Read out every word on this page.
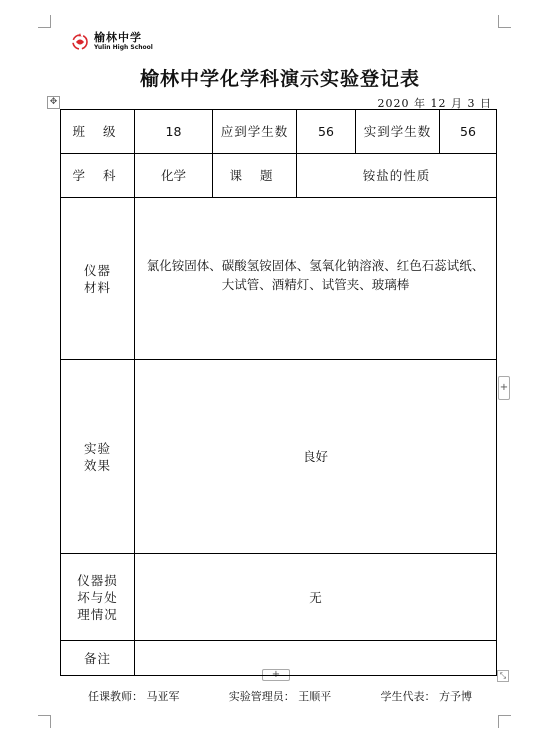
榆林中学
Yulin High School
榆林中学化学科演示实验登记表
2020 年 12 月 3 日
✥
+
+	⤡
班 级	18	应到学生数	56	实到学生数	56
学 科	化学	课 题	铵盐的性质		

仪器
材料	氯化铵固体、碳酸氢铵固体、氢氧化钠溶液、红色石蕊试纸、大试管、酒精灯、试管夹、玻璃棒				

实验
效果	良好				

仪器损
坏与处
理情况	无				
备注					
任课教师： 马亚军	实验管理员： 王顺平	学生代表： 方予博
